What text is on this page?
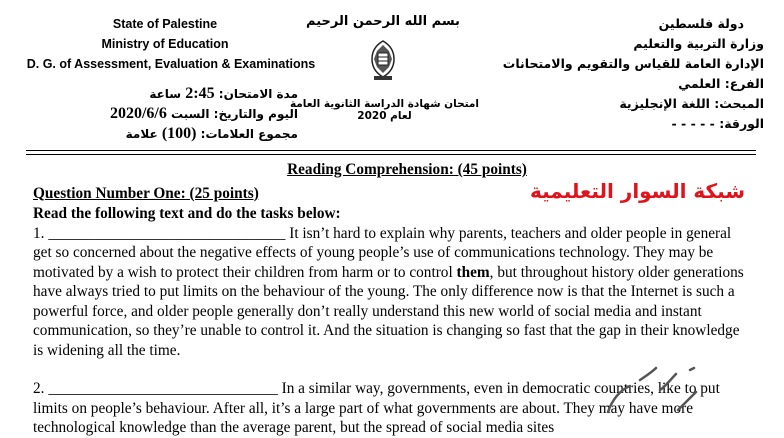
State of Palestine
Ministry of Education
D. G. of Assessment, Evaluation & Examinations
بسم الله الرحمن الرحيم
امتحان شهادة الدراسة الثانوية العامة لعام 2020
مدة الامتحان: 2:45 ساعة
اليوم والتاريخ: السبت 2020/6/6
مجموع العلامات: (100) علامة
دولة فلسطين
وزارة التربية والتعليم
الإدارة العامة للقياس والتقويم والامتحانات
الفرع: العلمي
المبحث: اللغة الإنجليزية
الورقة: - - - - -
شبكة السوار التعليمية
Reading Comprehension: (45 points)
Question Number One: (25 points)
Read the following text and do the tasks below:

1. _______________________________ It isn’t hard to explain why parents, teachers and older people in general get so concerned about the negative effects of young people’s use of communications technology. They may be motivated by a wish to protect their children from harm or to control them, but throughout history older generations have always tried to put limits on the behaviour of the young. The only difference now is that the Internet is such a powerful force, and older people generally don’t really understand this new world of social media and instant communication, so they’re unable to control it. And the situation is changing so fast that the gap in their knowledge is widening all the time.

2. ______________________________ In a similar way, governments, even in democratic countries, like to put limits on people’s behaviour. After all, it’s a large part of what governments are about. They may have more technological knowledge than the average parent, but the spread of social media sites
